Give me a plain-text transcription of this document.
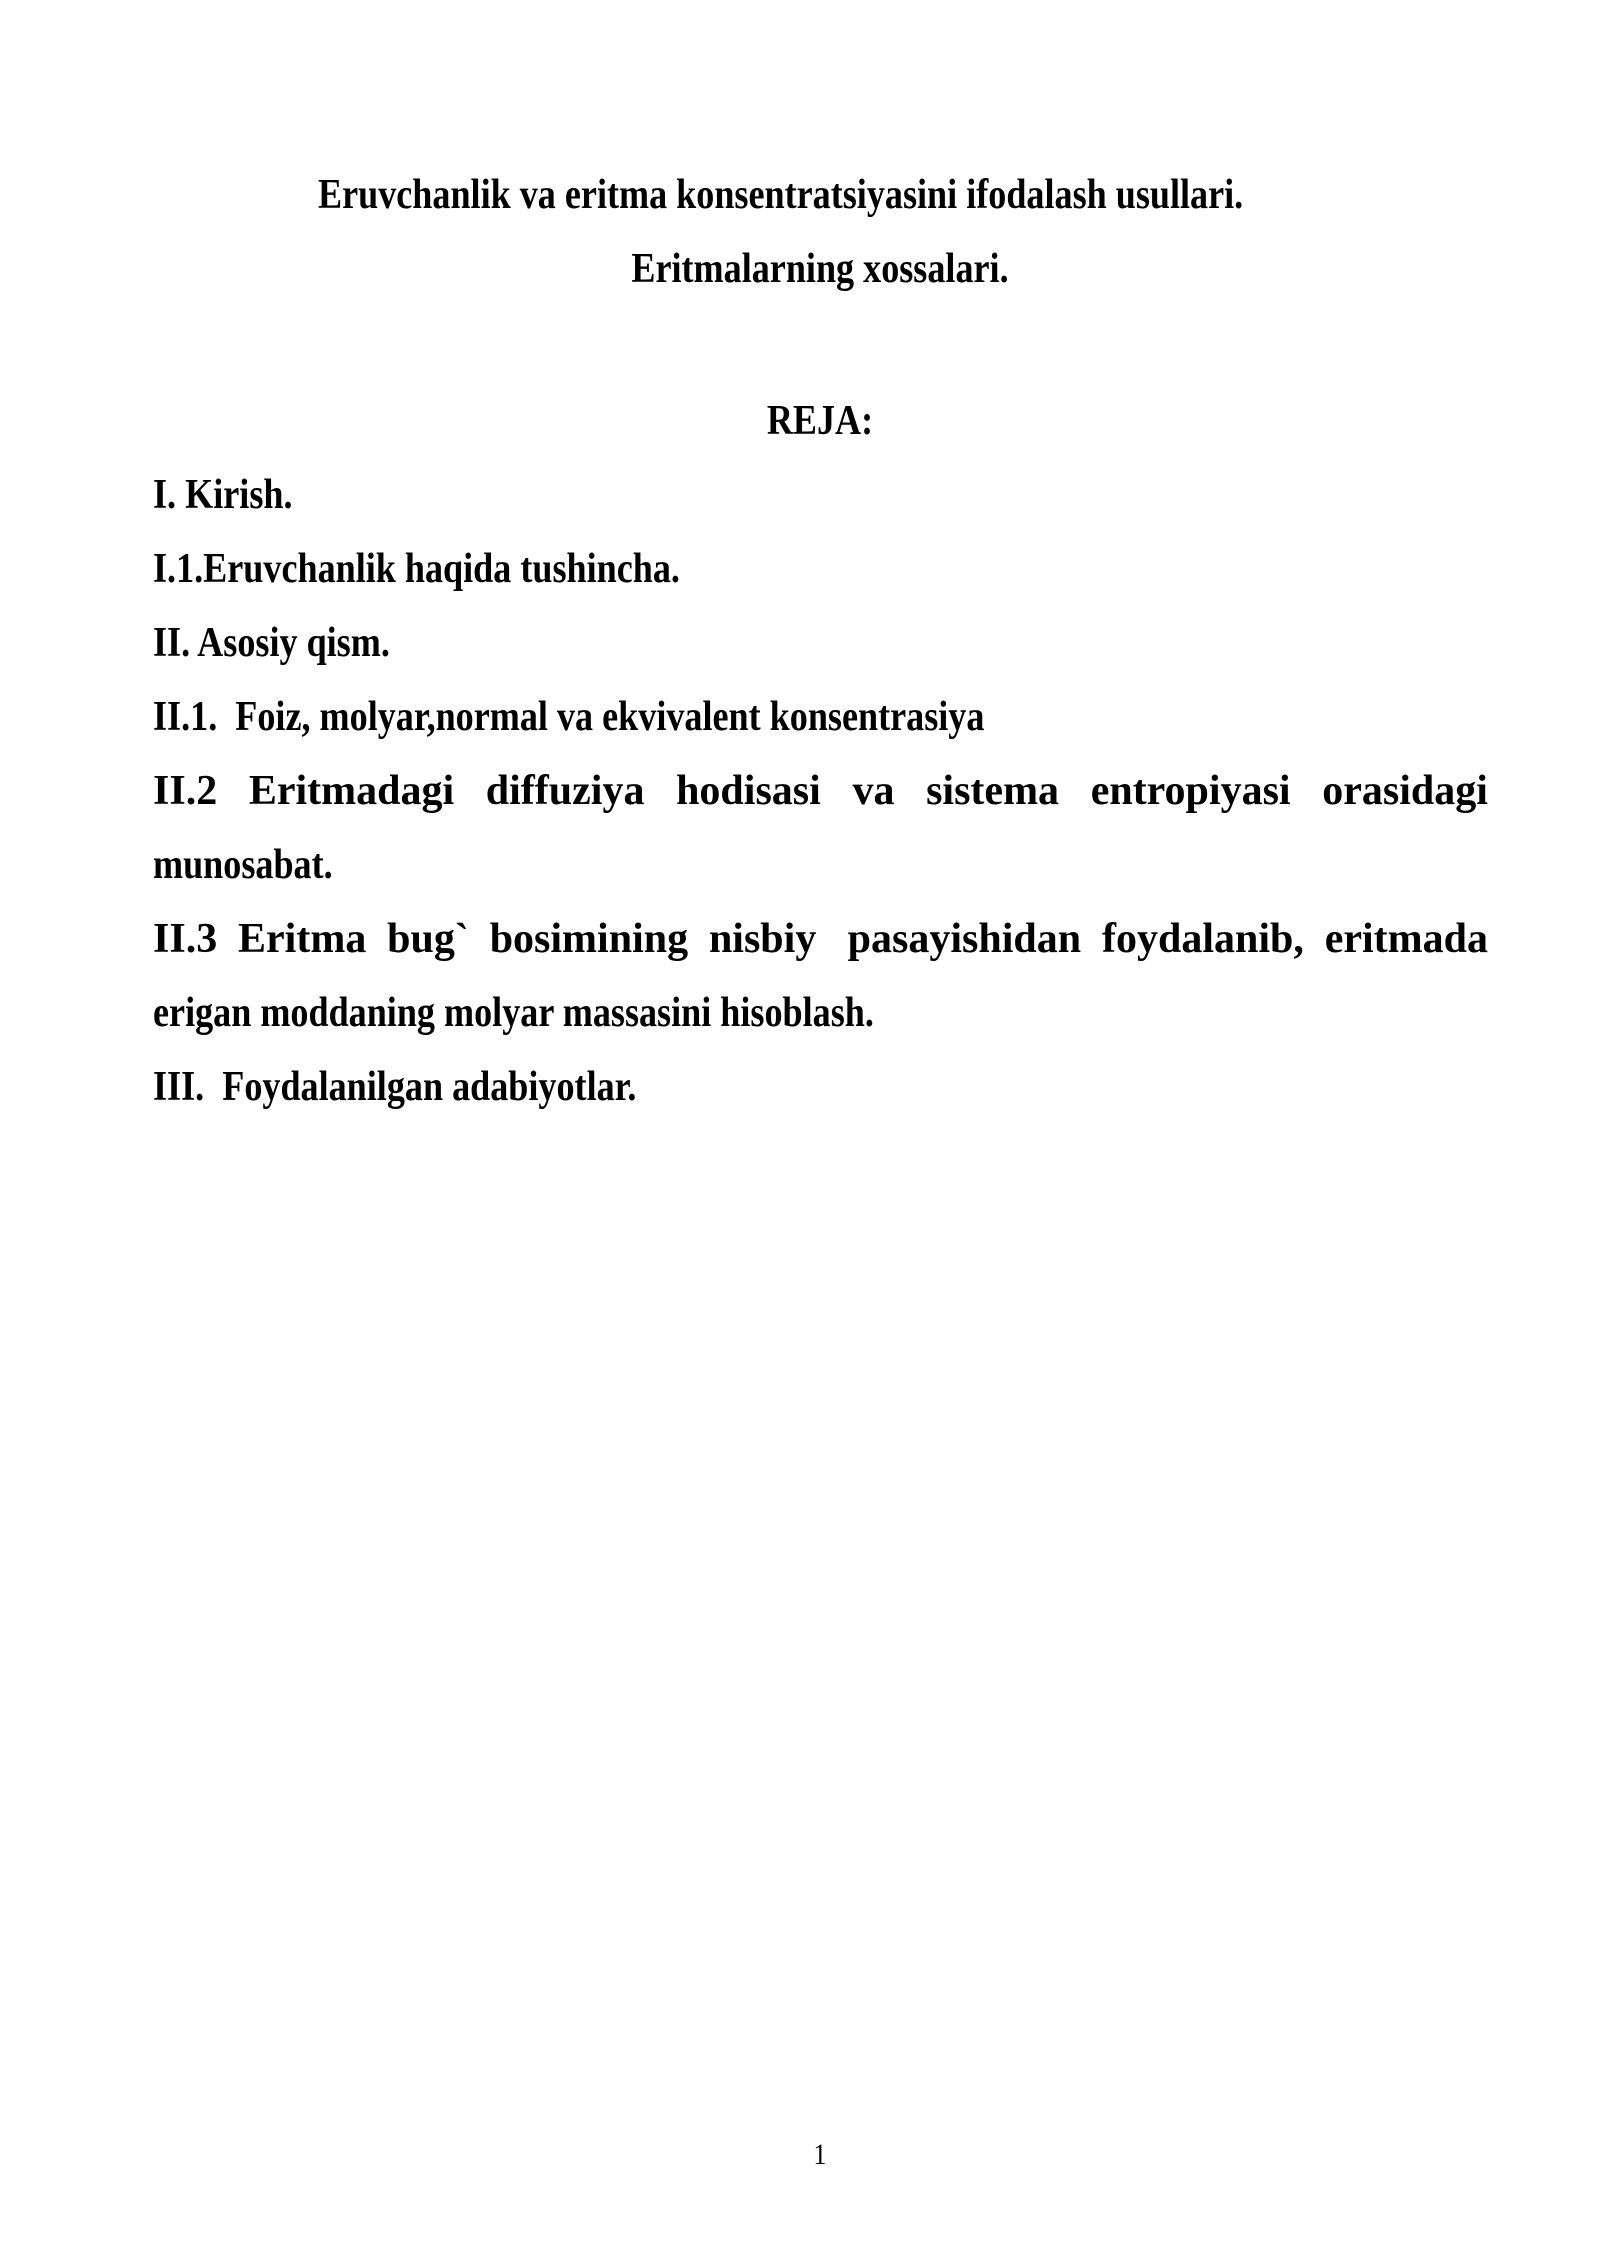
Eruvchanlik va eritma konsentratsiyasini ifodalash usullari.
Eritmalarning xossalari.
REJA:
I. Kirish.
I.1.Eruvchanlik haqida tushincha.
II. Asosiy qism.
II.1.  Foiz, molyar,normal va ekvivalent konsentrasiya
II.2 Eritmadagi diffuziya hodisasi va sistema entropiyasi orasidagi
munosabat.
II.3 Eritma bug` bosimining nisbiy pasayishidan foydalanib, eritmada
erigan moddaning molyar massasini hisoblash.
III.  Foydalanilgan adabiyotlar.
1
